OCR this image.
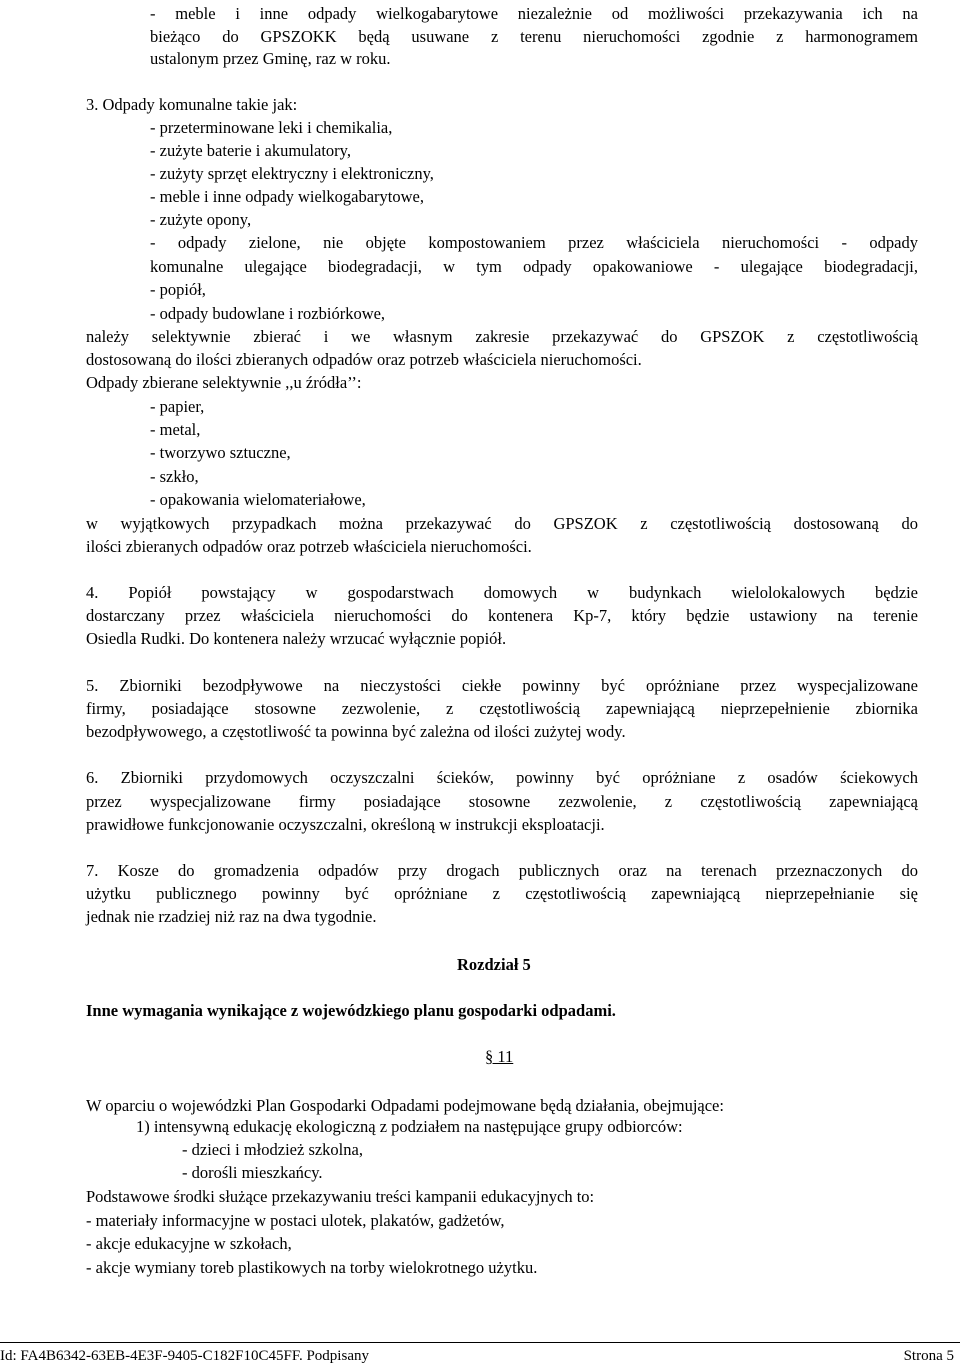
- meble i inne odpady wielkogabarytowe niezależnie od możliwości przekazywania ich na
bieżąco do GPSZOKK będą usuwane z terenu nieruchomości zgodnie z harmonogramem
ustalonym przez Gminę, raz w roku.
3. Odpady komunalne takie jak:
- przeterminowane leki i chemikalia,
- zużyte baterie i akumulatory,
- zużyty sprzęt elektryczny i elektroniczny,
- meble i inne odpady wielkogabarytowe,
- zużyte opony,
- odpady zielone, nie objęte kompostowaniem przez właściciela nieruchomości - odpady
komunalne ulegające biodegradacji, w tym odpady opakowaniowe - ulegające biodegradacji,
- popiół,
- odpady budowlane i rozbiórkowe,
należy selektywnie zbierać i we własnym zakresie przekazywać do GPSZOK z częstotliwością
dostosowaną do ilości zbieranych odpadów oraz potrzeb właściciela nieruchomości.
Odpady zbierane selektywnie ,,u źródła’’:
- papier,
- metal,
- tworzywo sztuczne,
- szkło,
- opakowania wielomateriałowe,
w wyjątkowych przypadkach można przekazywać do GPSZOK z częstotliwością dostosowaną do
ilości zbieranych odpadów oraz potrzeb właściciela nieruchomości.
4. Popiół powstający w gospodarstwach domowych w budynkach wielolokalowych będzie
dostarczany przez właściciela nieruchomości do kontenera Kp-7, który będzie ustawiony na terenie
Osiedla Rudki. Do kontenera należy wrzucać wyłącznie popiół.
5. Zbiorniki bezodpływowe na nieczystości ciekłe powinny być opróżniane przez wyspecjalizowane
firmy, posiadające stosowne zezwolenie, z częstotliwością zapewniającą nieprzepełnienie zbiornika
bezodpływowego, a częstotliwość ta powinna być zależna od ilości zużytej wody.
6. Zbiorniki przydomowych oczyszczalni ścieków, powinny być opróżniane z osadów ściekowych
przez wyspecjalizowane firmy posiadające stosowne zezwolenie, z częstotliwością zapewniającą
prawidłowe funkcjonowanie oczyszczalni, określoną w instrukcji eksploatacji.
7. Kosze do gromadzenia odpadów przy drogach publicznych oraz na terenach przeznaczonych do
użytku publicznego powinny być opróżniane z częstotliwością zapewniającą nieprzepełnianie się
jednak nie rzadziej niż raz na dwa tygodnie.
Rozdział 5
Inne wymagania wynikające z wojewódzkiego planu gospodarki odpadami.
§ 11
W oparciu o wojewódzki Plan Gospodarki Odpadami podejmowane będą działania, obejmujące:
1) intensywną edukację ekologiczną z podziałem na następujące grupy odbiorców:
- dzieci i młodzież szkolna,
- dorośli mieszkańcy.
Podstawowe środki służące przekazywaniu treści kampanii edukacyjnych to:
- materiały informacyjne w postaci ulotek, plakatów, gadżetów,
- akcje edukacyjne w szkołach,
- akcje wymiany toreb plastikowych na torby wielokrotnego użytku.
Id: FA4B6342-63EB-4E3F-9405-C182F10C45FF. Podpisany	Strona 5
